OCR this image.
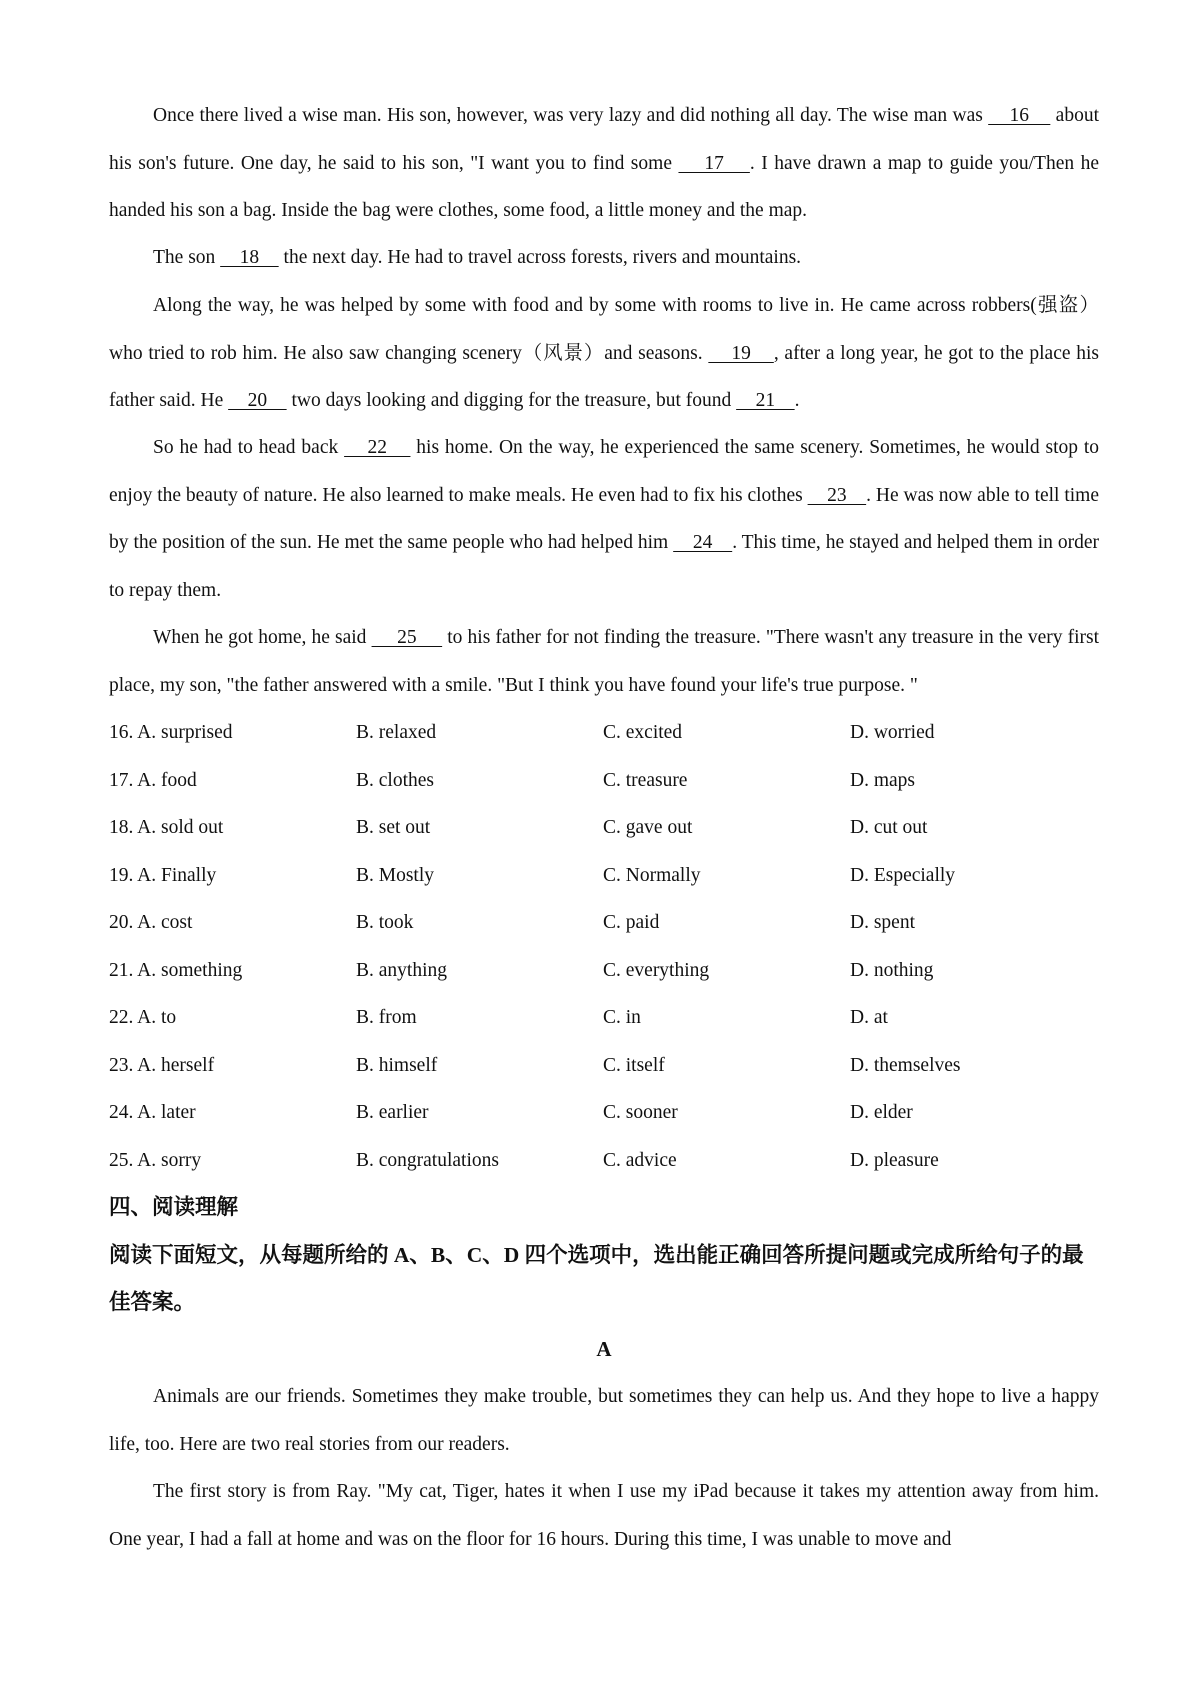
Once there lived a wise man. His son, however, was very lazy and did nothing all day. The wise man was     16     about his son's future. One day, he said to his son, "I want you to find some     17    . I have drawn a map to guide you/Then he handed his son a bag. Inside the bag were clothes, some food, a little money and the map.

The son     18     the next day. He had to travel across forests, rivers and mountains.

Along the way, he was helped by some with food and by some with rooms to live in. He came across robbers(强盗）who tried to rob him. He also saw changing scenery（风景）and seasons.     19    , after a long year, he got to the place his father said. He     20     two days looking and digging for the treasure, but found     21    .

So he had to head back     22     his home. On the way, he experienced the same scenery. Sometimes, he would stop to enjoy the beauty of nature. He also learned to make meals. He even had to fix his clothes     23    . He was now able to tell time by the position of the sun. He met the same people who had helped him     24    . This time, he stayed and helped them in order to repay them.

When he got home, he said      25      to his father for not finding the treasure. "There wasn't any treasure in the very first place, my son, "the father answered with a smile. "But I think you have found your life's true purpose. "

16. A. surprised	B. relaxed	C. excited	D. worried
17. A. food	B. clothes	C. treasure	D. maps
18. A. sold out	B. set out	C. gave out	D. cut out
19. A. Finally	B. Mostly	C. Normally	D. Especially
20. A. cost	B. took	C. paid	D. spent
21. A. something	B. anything	C. everything	D. nothing
22. A. to	B. from	C. in	D. at
23. A. herself	B. himself	C. itself	D. themselves
24. A. later	B. earlier	C. sooner	D. elder
25. A. sorry	B. congratulations	C. advice	D. pleasure
四、阅读理解

阅读下面短文，从每题所给的 A、B、C、D 四个选项中，选出能正确回答所提问题或完成所给句子的最佳答案。

A

Animals are our friends. Sometimes they make trouble, but sometimes they can help us. And they hope to live a happy life, too. Here are two real stories from our readers.

The first story is from Ray. "My cat, Tiger, hates it when I use my iPad because it takes my attention away from him. One year, I had a fall at home and was on the floor for 16 hours. During this time, I was unable to move and
